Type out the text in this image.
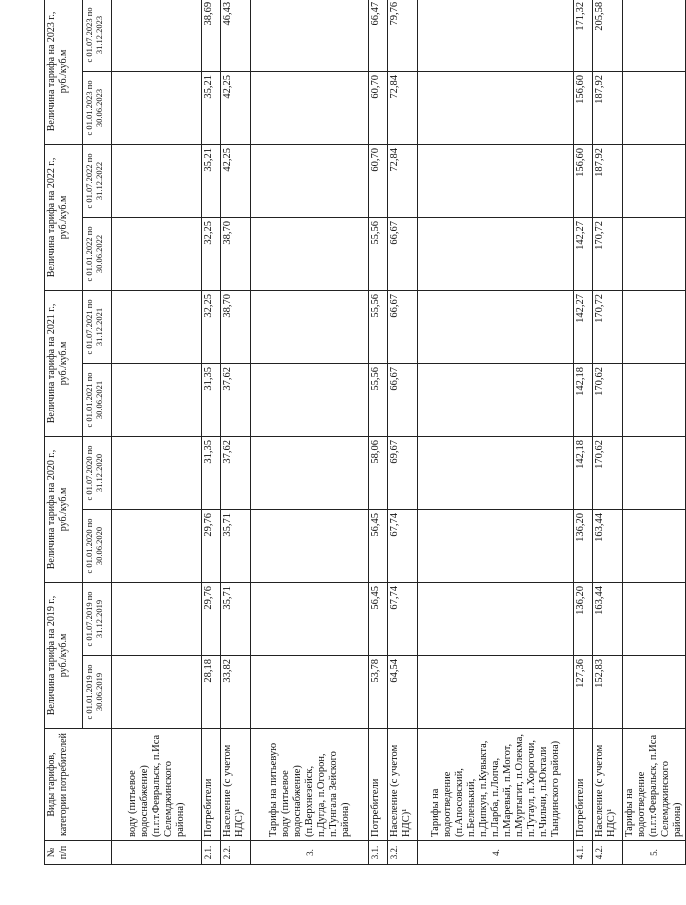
№ п/п	Виды тарифов, категории потребителей	Величина тарифа на 2019 г., руб./куб.м		Величина тарифа на 2020 г., руб./куб.м		Величина тарифа на 2021 г., руб./куб.м		Величина тарифа на 2022 г., руб./куб.м		Величина тарифа на 2023 г., руб./куб.м	
		с 01.01.2019 по 30.06.2019	с 01.07.2019 по 31.12.2019	с 01.01.2020 по 30.06.2020	с 01.07.2020 по 31.12.2020	с 01.01.2021 по 30.06.2021	с 01.07.2021 по 31.12.2021	с 01.01.2022 по 30.06.2022	с 01.07.2022 по 31.12.2022	с 01.01.2023 по 30.06.2023	с 01.07.2023 по 31.12.2023
	воду (питьевое водоснабжение) (п.г.т.Февральск, п.Иса Селемджинского района)										
2.1.	Потребители	28,18	29,76	29,76	31,35	31,35	32,25	32,25	35,21	35,21	38,69
2.2.	Население (с учетом НДС)¹	33,82	35,71	35,71	37,62	37,62	38,70	38,70	42,25	42,25	46,43
3.	Тарифы на питьевую воду (питьевое водоснабжение) (п.Верхнезейск, п.Дугда, п.Огорон, п.Тунгала Зейского района)										
3.1.	Потребители	53,78	56,45	56,45	58,06	55,56	55,56	55,56	60,70	60,70	66,47
3.2.	Население (с учетом НДС)¹	64,54	67,74	67,74	69,67	66,67	66,67	66,67	72,84	72,84	79,76
4.	Тарифы на водоотведение (п.Апосовский, п.Беленький, п.Дипкун, п.Кувыкта, п.Ларба, п.Лопча, п.Маревый, п.Могот, п.Муртыгит, п.Олекма, п.Тутаул, п.Хорогочи, п.Чильчи, п.Юктали Тындинского района)										
4.1.	Потребители	127,36	136,20	136,20	142,18	142,18	142,27	142,27	156,60	156,60	171,32
4.2.	Население (с учетом НДС)¹	152,83	163,44	163,44	170,62	170,62	170,72	170,72	187,92	187,92	205,58
5.	Тарифы на водоотведение (п.г.т.Февральск, п.Иса Селемджинского района)										
